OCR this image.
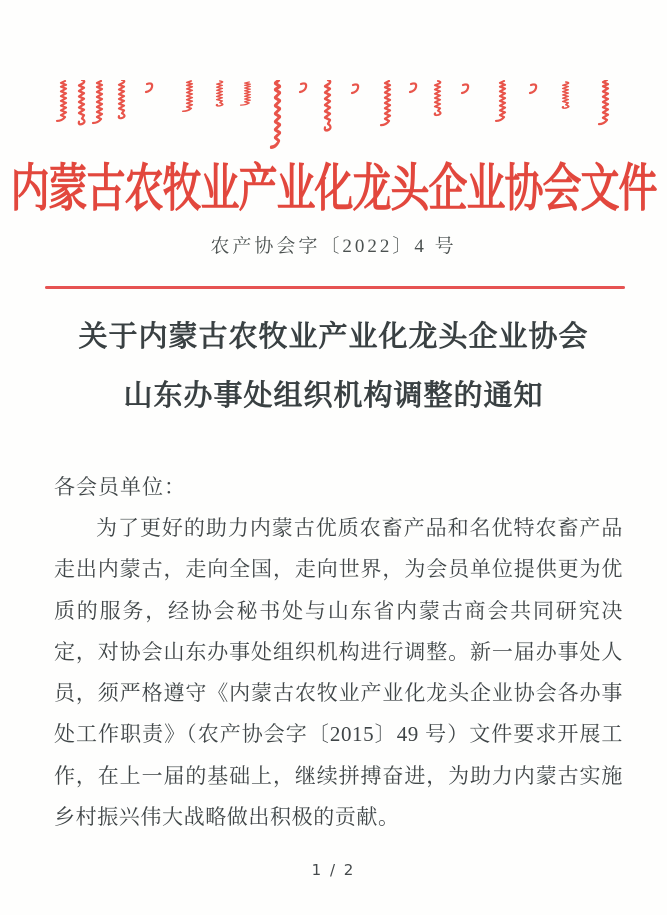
内蒙古农牧业产业化龙头企业协会文件
农产协会字〔2022〕4 号
关于内蒙古农牧业产业化龙头企业协会
山东办事处组织机构调整的通知
各会员单位：

为了更好的助力内蒙古优质农畜产品和名优特农畜产品走出内蒙古，走向全国，走向世界，为会员单位提供更为优质的服务，经协会秘书处与山东省内蒙古商会共同研究决定，对协会山东办事处组织机构进行调整。新一届办事处人员，须严格遵守《内蒙古农牧业产业化龙头企业协会各办事处工作职责》（农产协会字〔2015〕49 号）文件要求开展工作，在上一届的基础上，继续拼搏奋进，为助力内蒙古实施乡村振兴伟大战略做出积极的贡献。

1 / 2
